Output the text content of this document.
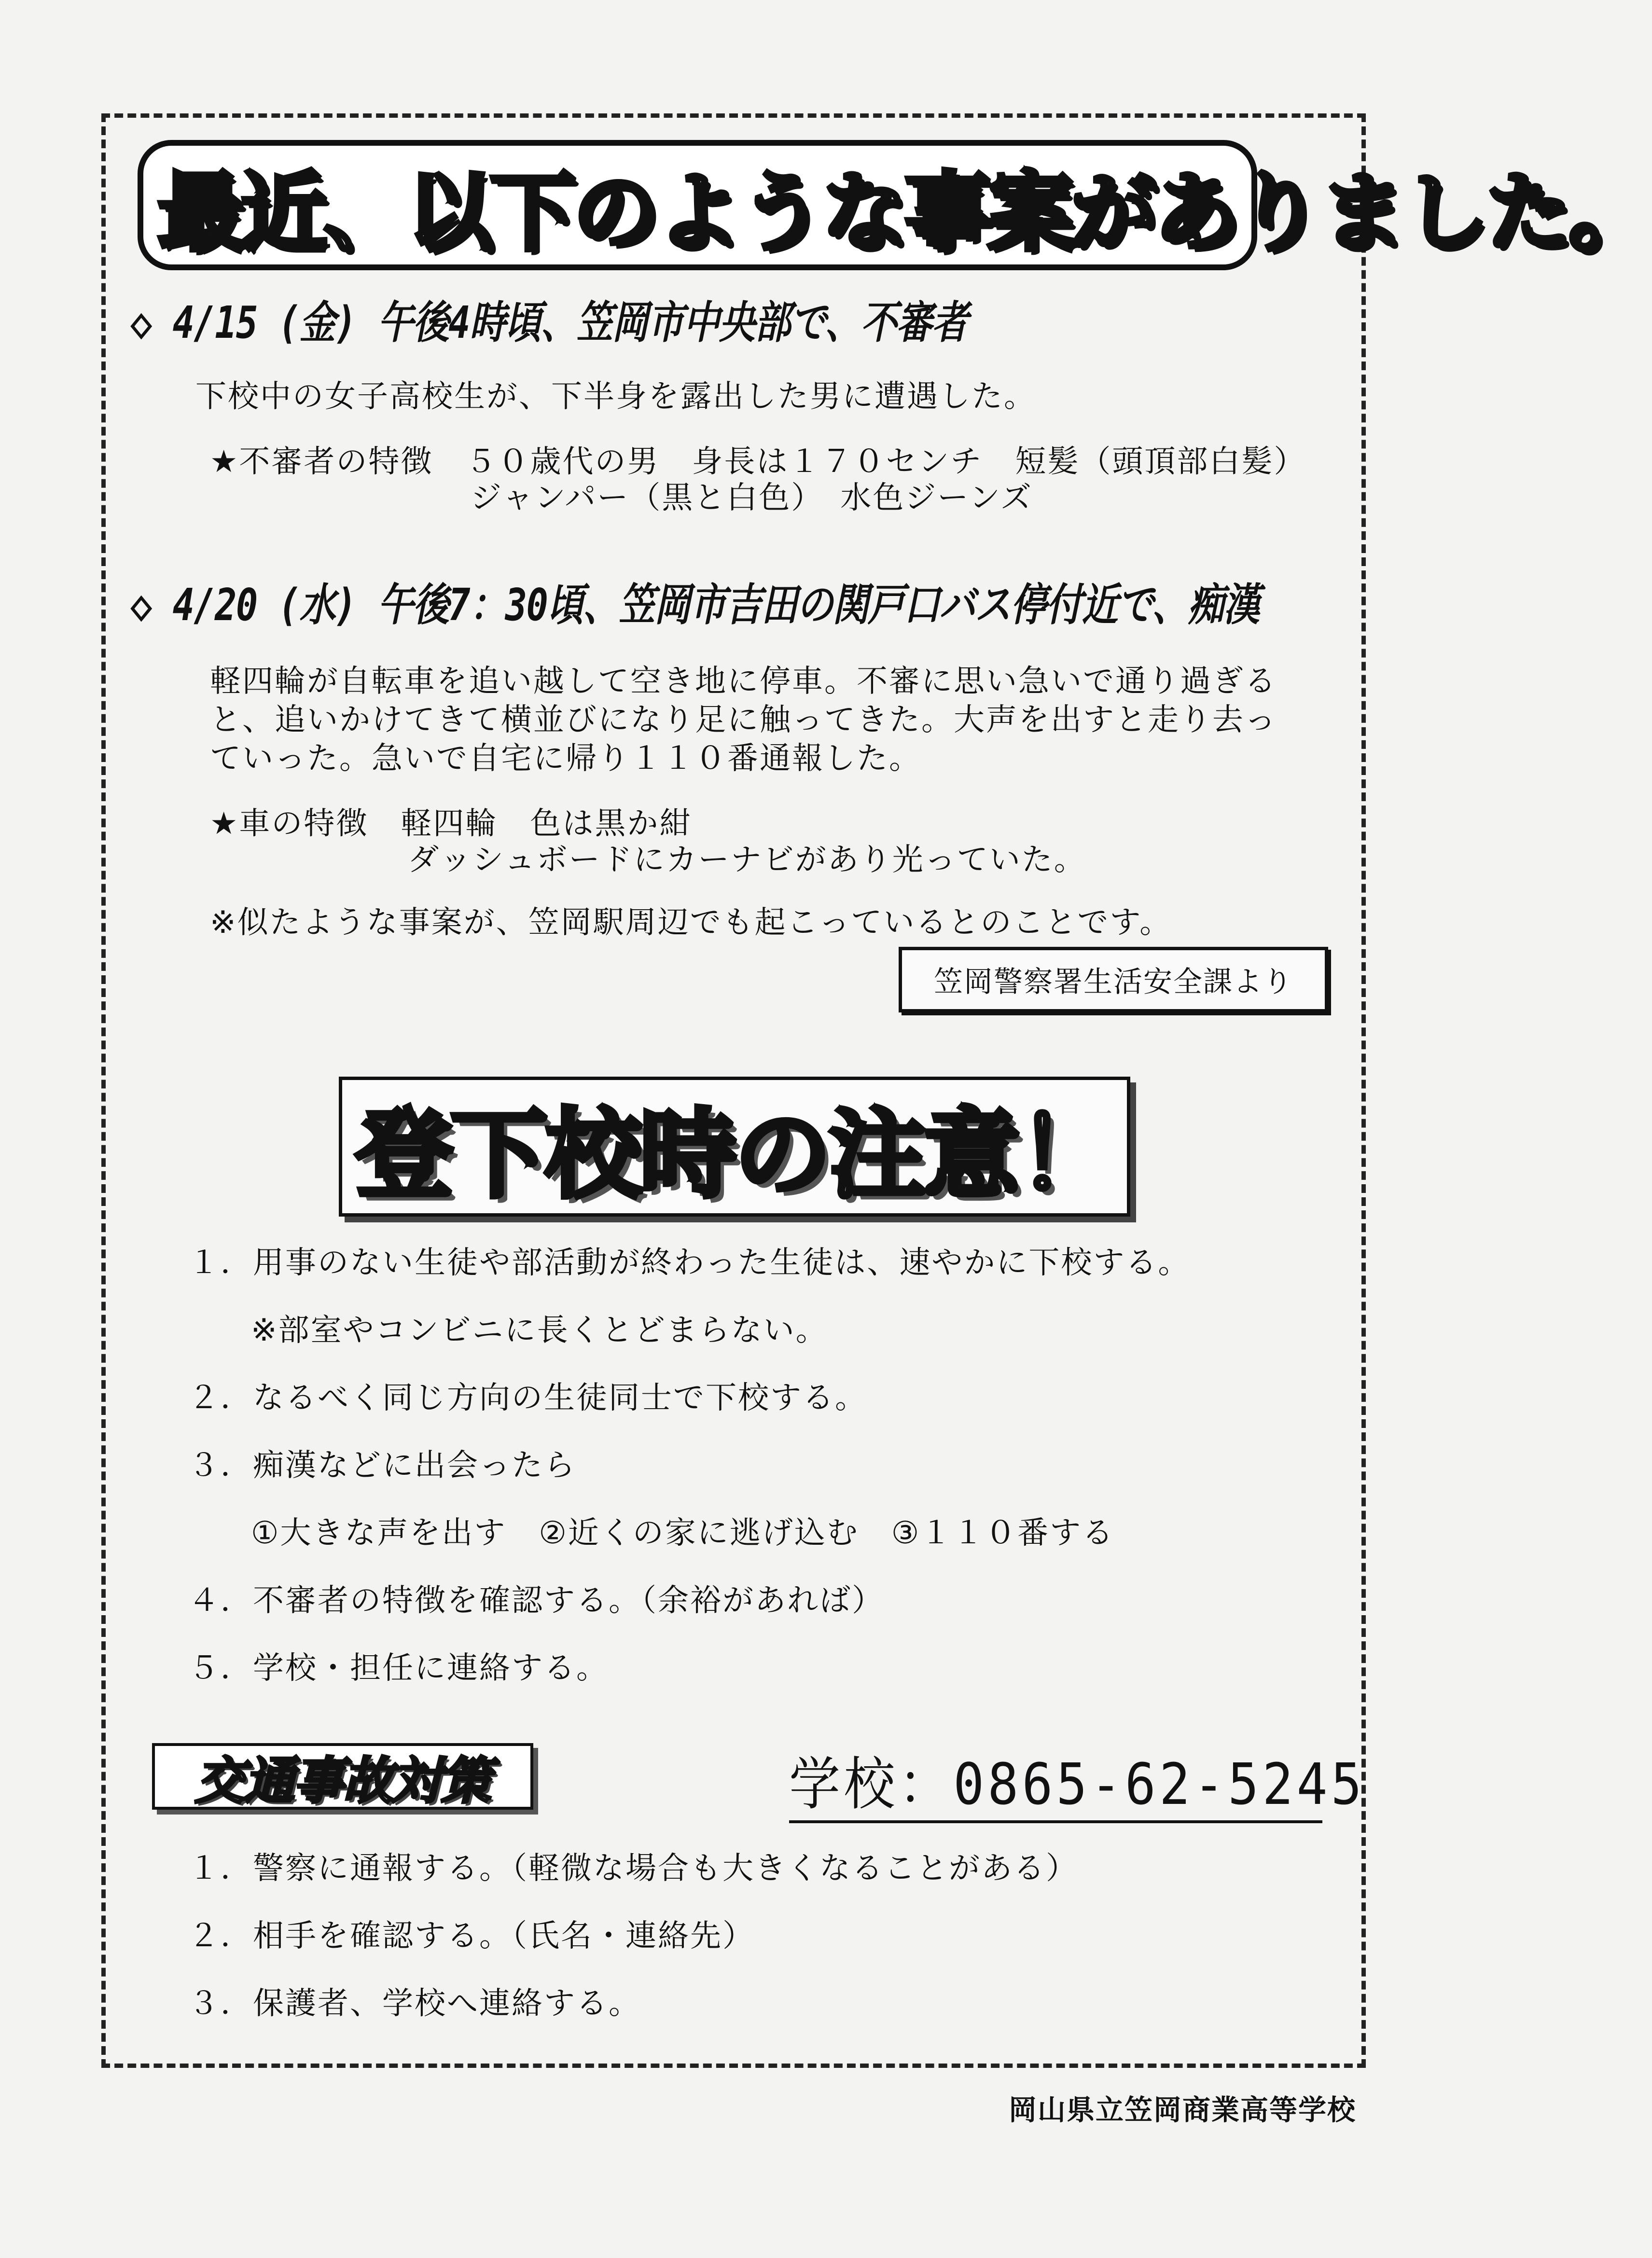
最近、以下のような事案がありました。
◇ 4/15 (金) 午後4時頃、笠岡市中央部で、不審者
下校中の女子高校生が、下半身を露出した男に遭遇した。
★不審者の特徴　５０歳代の男　身長は１７０センチ　短髪（頭頂部白髪）
ジャンパー（黒と白色）　水色ジーンズ
◇ 4/20 (水) 午後7：30頃、笠岡市吉田の関戸口バス停付近で、痴漢
軽四輪が自転車を追い越して空き地に停車。不審に思い急いで通り過ぎる
と、追いかけてきて横並びになり足に触ってきた。大声を出すと走り去っ
ていった。急いで自宅に帰り１１０番通報した。
★車の特徴　軽四輪　色は黒か紺
ダッシュボードにカーナビがあり光っていた。
※似たような事案が、笠岡駅周辺でも起こっているとのことです。
笠岡警察署生活安全課より
登下校時の注意！
１．用事のない生徒や部活動が終わった生徒は、速やかに下校する。
※部室やコンビニに長くとどまらない。
２．なるべく同じ方向の生徒同士で下校する。
３．痴漢などに出会ったら
①大きな声を出す　②近くの家に逃げ込む　③１１０番する
４．不審者の特徴を確認する。（余裕があれば）
５．学校・担任に連絡する。
交通事故対策	学校：0865-62-5245
１．警察に通報する。（軽微な場合も大きくなることがある）
２．相手を確認する。（氏名・連絡先）
３．保護者、学校へ連絡する。
岡山県立笠岡商業高等学校
